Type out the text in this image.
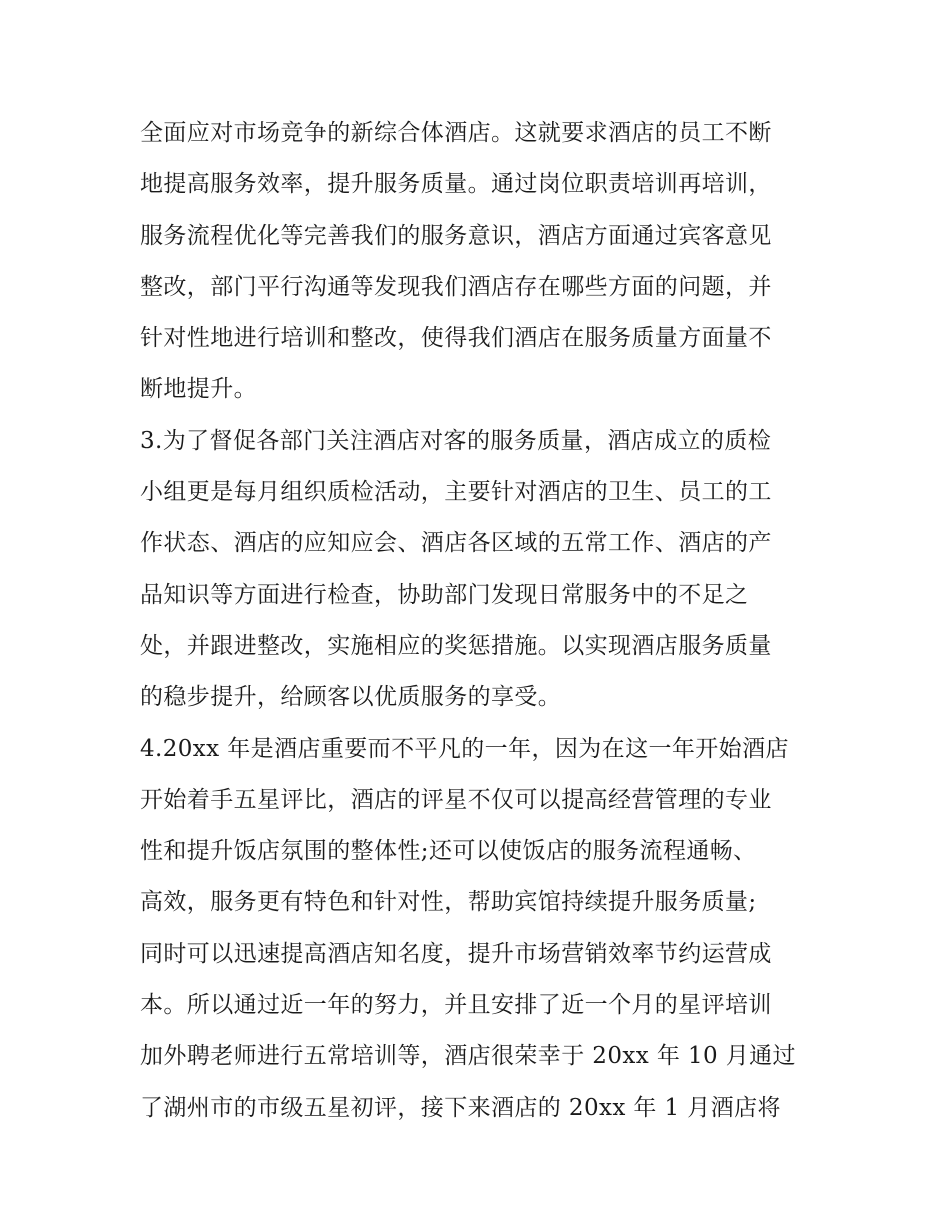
全面应对市场竞争的新综合体酒店。这就要求酒店的员工不断
地提高服务效率，提升服务质量。通过岗位职责培训再培训，
服务流程优化等完善我们的服务意识，酒店方面通过宾客意见
整改，部门平行沟通等发现我们酒店存在哪些方面的问题，并
针对性地进行培训和整改，使得我们酒店在服务质量方面量不
断地提升。
3.为了督促各部门关注酒店对客的服务质量，酒店成立的质检
小组更是每月组织质检活动，主要针对酒店的卫生、员工的工
作状态、酒店的应知应会、酒店各区域的五常工作、酒店的产
品知识等方面进行检查，协助部门发现日常服务中的不足之
处，并跟进整改，实施相应的奖惩措施。以实现酒店服务质量
的稳步提升，给顾客以优质服务的享受。
4.20xx 年是酒店重要而不平凡的一年，因为在这一年开始酒店
开始着手五星评比，酒店的评星不仅可以提高经营管理的专业
性和提升饭店氛围的整体性;还可以使饭店的服务流程通畅、
高效，服务更有特色和针对性，帮助宾馆持续提升服务质量;
同时可以迅速提高酒店知名度，提升市场营销效率节约运营成
本。所以通过近一年的努力，并且安排了近一个月的星评培训
加外聘老师进行五常培训等，酒店很荣幸于 20xx 年 10 月通过
了湖州市的市级五星初评，接下来酒店的 20xx 年 1 月酒店将
